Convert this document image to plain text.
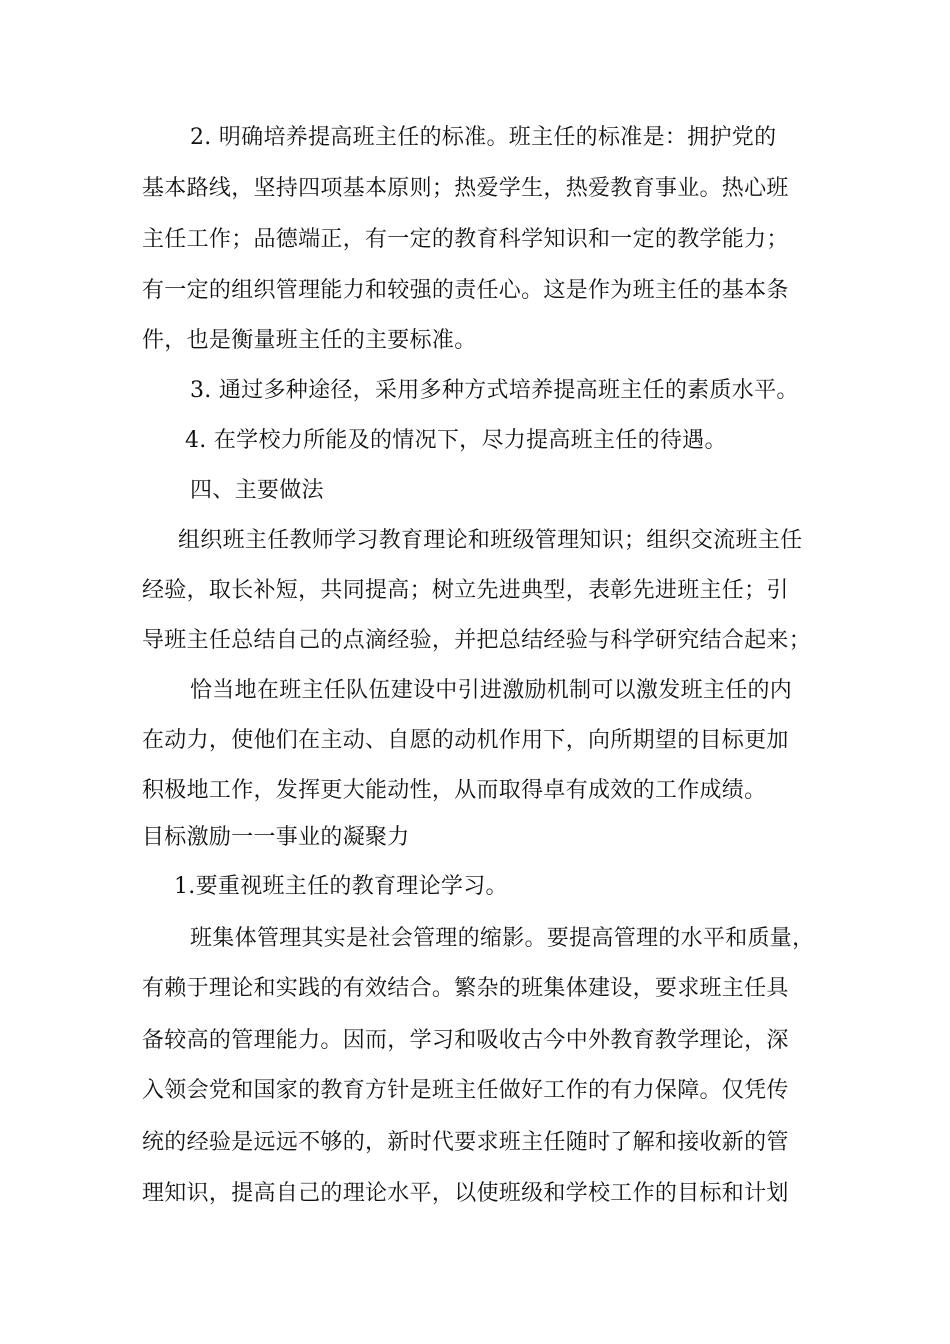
2. 明确培养提高班主任的标准。班主任的标准是：拥护党的
基本路线，坚持四项基本原则；热爱学生，热爱教育事业。热心班
主任工作；品德端正，有一定的教育科学知识和一定的教学能力；
有一定的组织管理能力和较强的责任心。这是作为班主任的基本条
件，也是衡量班主任的主要标准。
3. 通过多种途径，采用多种方式培养提高班主任的素质水平。
4. 在学校力所能及的情况下，尽力提高班主任的待遇。
四、主要做法
组织班主任教师学习教育理论和班级管理知识；组织交流班主任
经验，取长补短，共同提高；树立先进典型，表彰先进班主任；引
导班主任总结自己的点滴经验，并把总结经验与科学研究结合起来；
恰当地在班主任队伍建设中引进激励机制可以激发班主任的内
在动力，使他们在主动、自愿的动机作用下，向所期望的目标更加
积极地工作，发挥更大能动性，从而取得卓有成效的工作成绩。
目标激励一一事业的凝聚力
1.要重视班主任的教育理论学习。
班集体管理其实是社会管理的缩影。要提高管理的水平和质量，
有赖于理论和实践的有效结合。繁杂的班集体建设，要求班主任具
备较高的管理能力。因而，学习和吸收古今中外教育教学理论，深
入领会党和国家的教育方针是班主任做好工作的有力保障。仅凭传
统的经验是远远不够的，新时代要求班主任随时了解和接收新的管
理知识，提高自己的理论水平，以使班级和学校工作的目标和计划
